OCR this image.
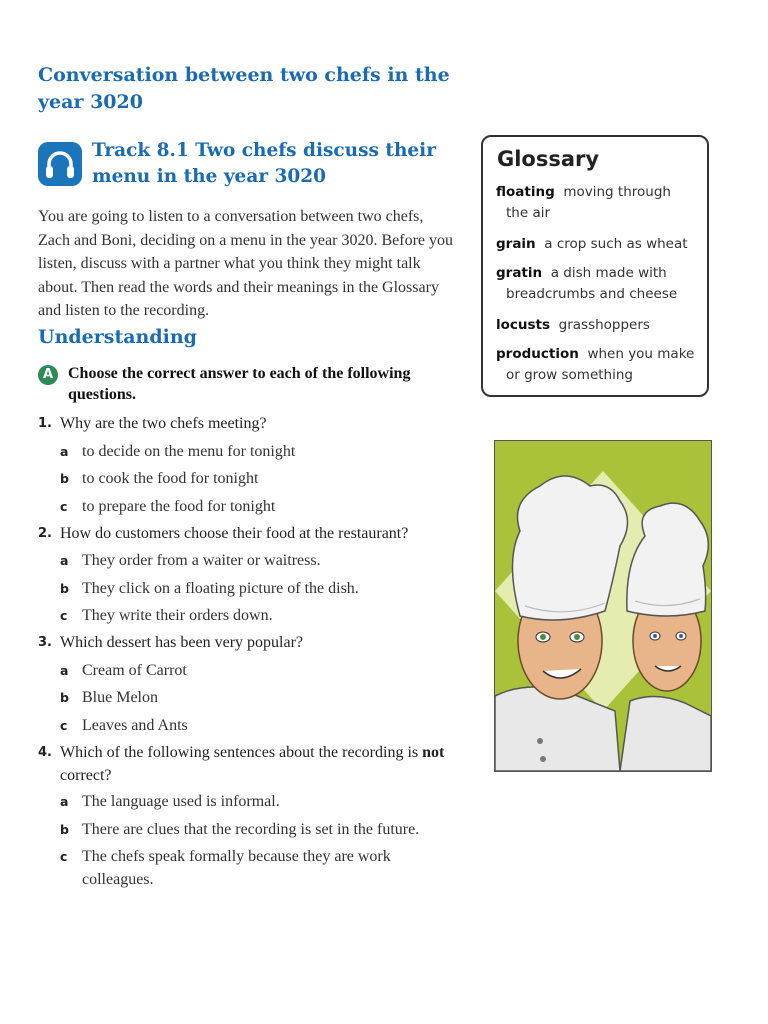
Conversation between two chefs in the year 3020
Track 8.1 Two chefs discuss their menu in the year 3020
You are going to listen to a conversation between two chefs, Zach and Boni, deciding on a menu in the year 3020. Before you listen, discuss with a partner what you think they might talk about. Then read the words and their meanings in the Glossary and listen to the recording.
Understanding
A Choose the correct answer to each of the following questions.
1. Why are the two chefs meeting?
a to decide on the menu for tonight
b to cook the food for tonight
c to prepare the food for tonight
2. How do customers choose their food at the restaurant?
a They order from a waiter or waitress.
b They click on a floating picture of the dish.
c They write their orders down.
3. Which dessert has been very popular?
a Cream of Carrot
b Blue Melon
c Leaves and Ants
4. Which of the following sentences about the recording is not correct?
a The language used is informal.
b There are clues that the recording is set in the future.
c The chefs speak formally because they are work colleagues.
Glossary
floating moving through
the air
grain a crop such as wheat
gratin a dish made with
breadcrumbs and cheese
locusts grasshoppers
production when you make
or grow something
